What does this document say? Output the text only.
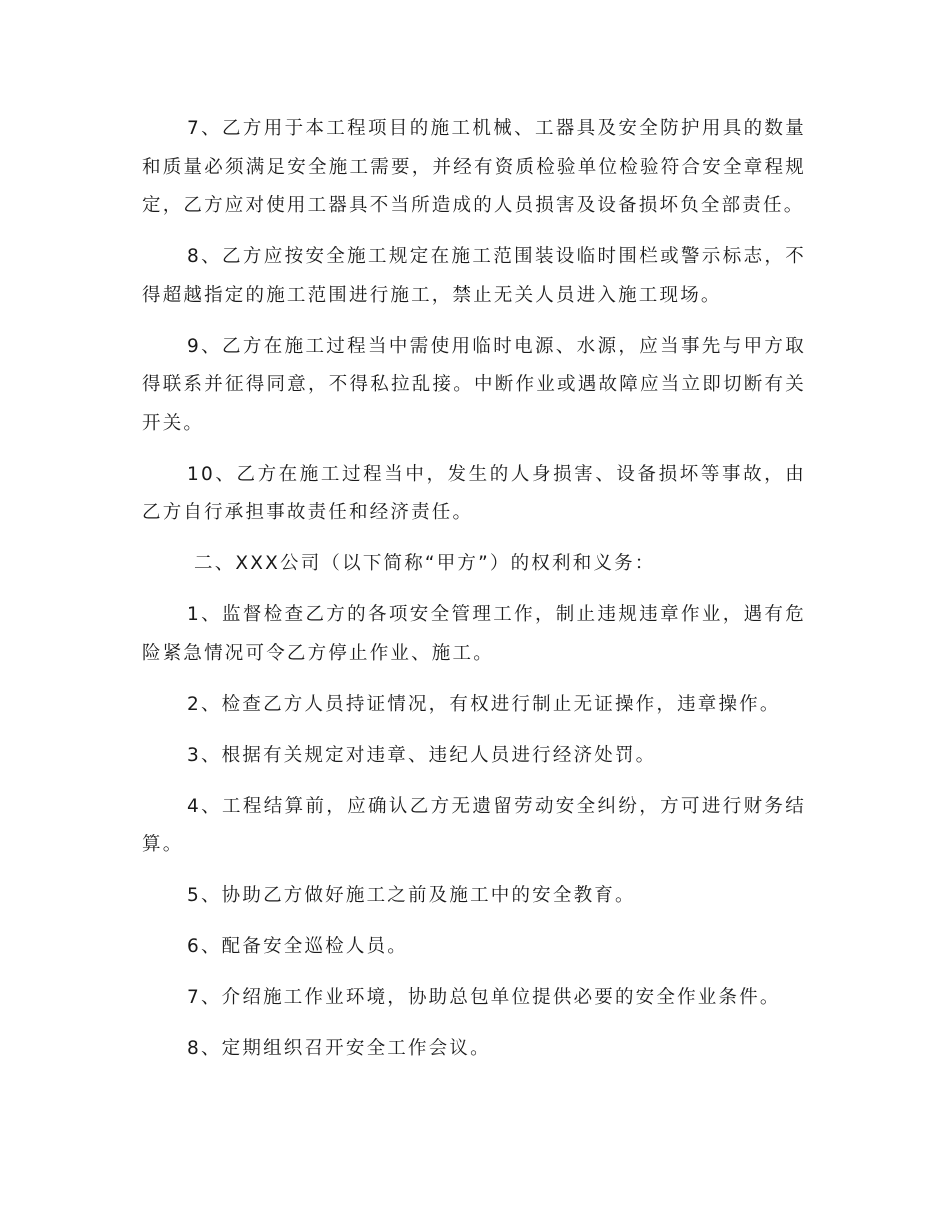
7、乙方用于本工程项目的施工机械、工器具及安全防护用具的数量和质量必须满足安全施工需要，并经有资质检验单位检验符合安全章程规定，乙方应对使用工器具不当所造成的人员损害及设备损坏负全部责任。

8、乙方应按安全施工规定在施工范围装设临时围栏或警示标志，不得超越指定的施工范围进行施工，禁止无关人员进入施工现场。

9、乙方在施工过程当中需使用临时电源、水源，应当事先与甲方取得联系并征得同意，不得私拉乱接。中断作业或遇故障应当立即切断有关开关。

10、乙方在施工过程当中，发生的人身损害、设备损坏等事故，由乙方自行承担事故责任和经济责任。

二、XXX公司（以下简称“甲方”）的权利和义务：

1、监督检查乙方的各项安全管理工作，制止违规违章作业，遇有危险紧急情况可令乙方停止作业、施工。

2、检查乙方人员持证情况，有权进行制止无证操作，违章操作。

3、根据有关规定对违章、违纪人员进行经济处罚。

4、工程结算前，应确认乙方无遗留劳动安全纠纷，方可进行财务结算。

5、协助乙方做好施工之前及施工中的安全教育。

6、配备安全巡检人员。

7、介绍施工作业环境，协助总包单位提供必要的安全作业条件。

8、定期组织召开安全工作会议。
